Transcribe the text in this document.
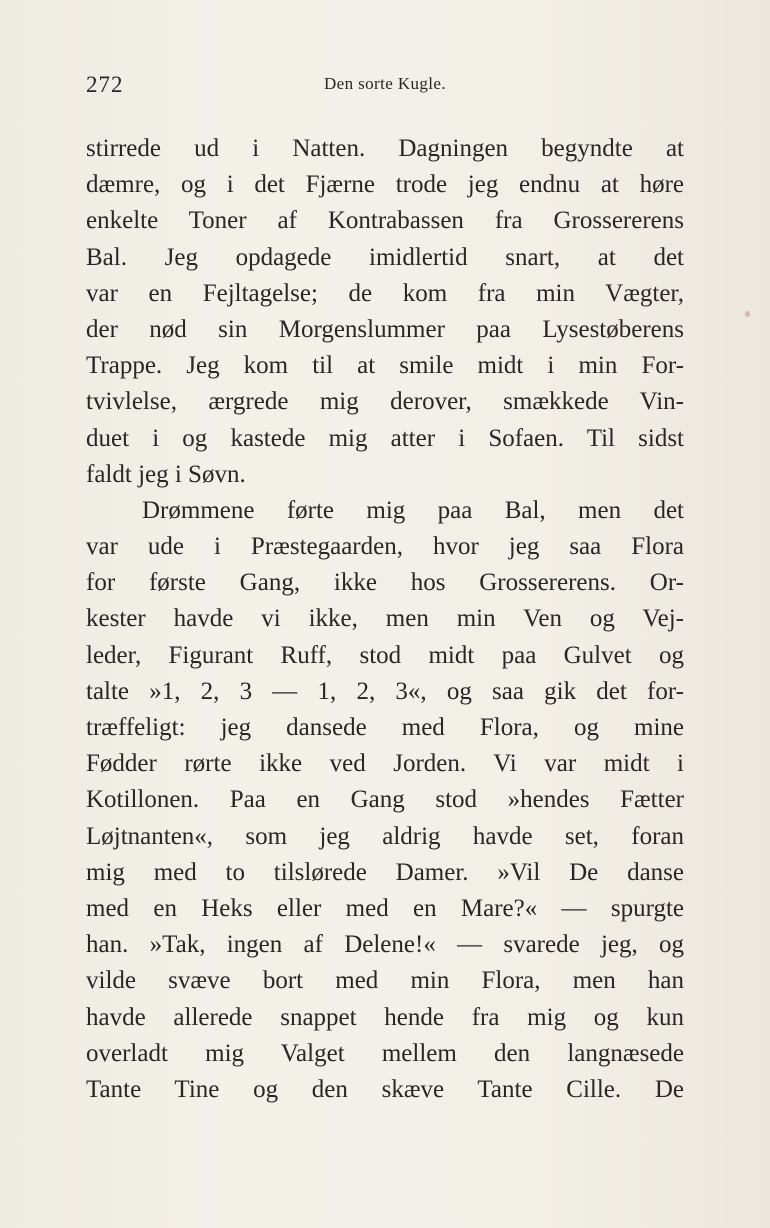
272	Den sorte Kugle.
stirrede ud i Natten. Dagningen begyndte at
dæmre, og i det Fjærne trode jeg endnu at høre
enkelte Toner af Kontrabassen fra Grossererens
Bal. Jeg opdagede imidlertid snart, at det
var en Fejltagelse; de kom fra min Vægter,
der nød sin Morgenslummer paa Lysestøberens
Trappe. Jeg kom til at smile midt i min For-
tvivlelse, ærgrede mig derover, smækkede Vin-
duet i og kastede mig atter i Sofaen. Til sidst
faldt jeg i Søvn.
Drømmene førte mig paa Bal, men det
var ude i Præstegaarden, hvor jeg saa Flora
for første Gang, ikke hos Grossererens. Or-
kester havde vi ikke, men min Ven og Vej-
leder, Figurant Ruff, stod midt paa Gulvet og
talte »1, 2, 3 — 1, 2, 3«, og saa gik det for-
træffeligt: jeg dansede med Flora, og mine
Fødder rørte ikke ved Jorden. Vi var midt i
Kotillonen. Paa en Gang stod »hendes Fætter
Løjtnanten«, som jeg aldrig havde set, foran
mig med to tilslørede Damer. »Vil De danse
med en Heks eller med en Mare?« — spurgte
han. »Tak, ingen af Delene!« — svarede jeg, og
vilde svæve bort med min Flora, men han
havde allerede snappet hende fra mig og kun
overladt mig Valget mellem den langnæsede
Tante Tine og den skæve Tante Cille. De
